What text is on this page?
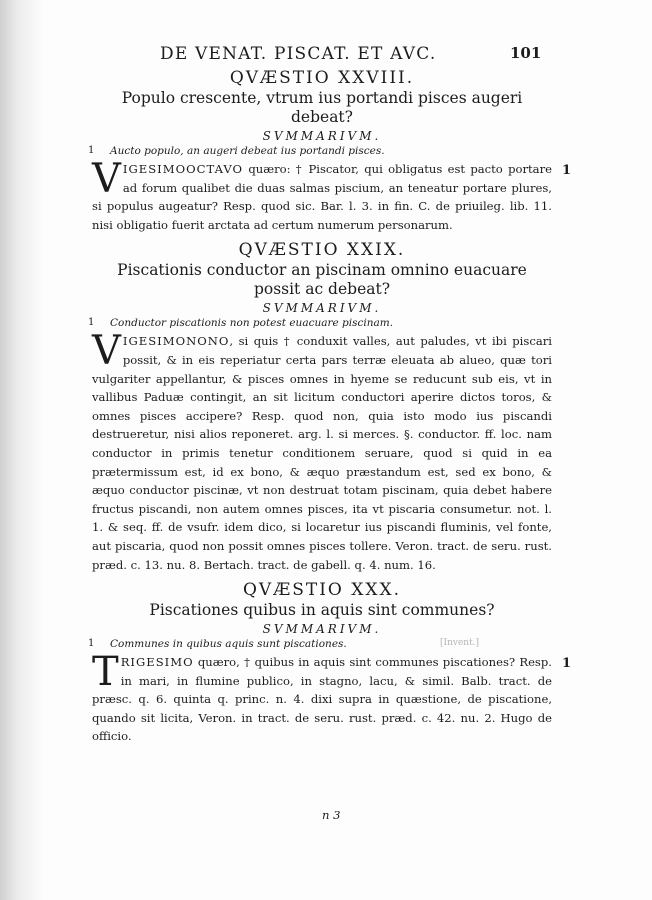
DE VENAT. PISCAT. ET AVC.	101
QVÆSTIO XXVIII.
Populo crescente, vtrum ius portandi pisces augeri debeat?
SVMMARIVM.
1 Aucto populo, an augeri debeat ius portandi pisces.
1
V IGESIMOOCTAVO quæro: † Piscator, qui obligatus est pacto portare ad forum qualibet die duas salmas piscium, an teneatur portare plures, si populus augeatur? Resp. quod sic. Bar. l. 3. in fin. C. de priuileg. lib. 11. nisi obligatio fuerit arctata ad certum numerum personarum.
QVÆSTIO XXIX.
Piscationis conductor an piscinam omnino euacuare possit ac debeat?
SVMMARIVM.
1 Conductor piscationis non potest euacuare piscinam.
VIGESIMONONO, si quis † conduxit valles, aut paludes, vt ibi piscari possit, & in eis reperiatur certa pars terræ eleuata ab alueo, quæ tori vulgariter appellantur, & pisces omnes in hyeme se reducunt sub eis, vt in vallibus Paduæ contingit, an sit licitum conductori aperire dictos toros, & omnes pisces accipere? Resp. quod non, quia isto modo ius piscandi destrueretur, nisi alios reponeret. arg. l. si merces. §. conductor. ff. loc. nam conductor in primis tenetur conditionem seruare, quod si quid in ea prætermissum est, id ex bono, & æquo præstandum est, sed ex bono, & æquo conductor piscinæ, vt non destruat totam piscinam, quia debet habere fructus piscandi, non autem omnes pisces, ita vt piscaria consumetur. not. l. 1. & seq. ff. de vsufr. idem dico, si locaretur ius piscandi fluminis, vel fonte, aut piscaria, quod non possit omnes pisces tollere. Veron. tract. de seru. rust. præd. c. 13. nu. 8. Bertach. tract. de gabell. q. 4. num. 16.
QVÆSTIO XXX.
Piscationes quibus in aquis sint communes?
SVMMARIVM.
1 Communes in quibus aquis sunt piscationes.
1
T RIGESIMO quæro, † quibus in aquis sint communes piscationes? Resp. in mari, in flumine publico, in stagno, lacu, & simil. Balb. tract. de præsc. q. 6. quinta q. princ. n. 4. dixi supra in quæstione, de piscatione, quando sit licita, Veron. in tract. de seru. rust. præd. c. 42. nu. 2. Hugo de officio.
[Invent.]
n 3
